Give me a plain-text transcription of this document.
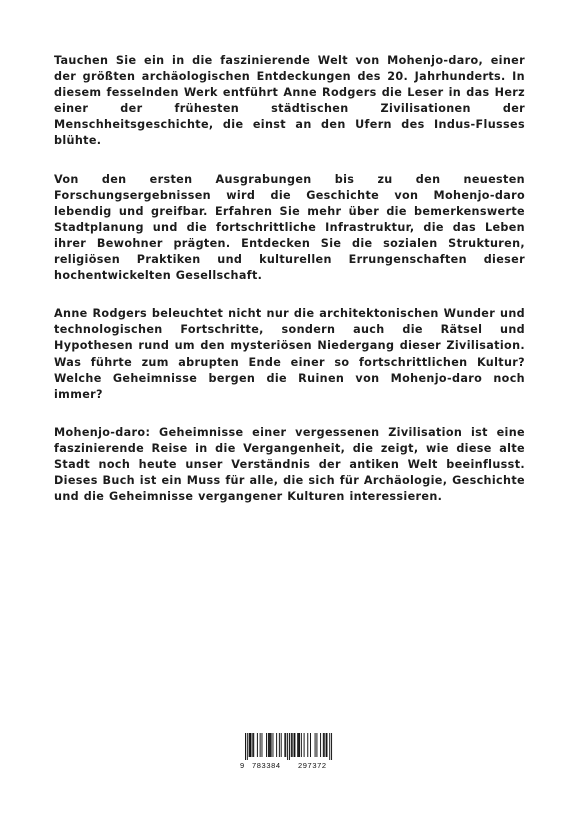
Tauchen Sie ein in die faszinierende Welt von Mohenjo-daro, einer der größten archäologischen Entdeckungen des 20. Jahrhunderts. In diesem fesselnden Werk entführt Anne Rodgers die Leser in das Herz einer der frühesten städtischen Zivilisationen der Menschheitsgeschichte, die einst an den Ufern des Indus-Flusses blühte.

Von den ersten Ausgrabungen bis zu den neuesten Forschungsergebnissen wird die Geschichte von Mohenjo-daro lebendig und greifbar. Erfahren Sie mehr über die bemerkenswerte Stadtplanung und die fortschrittliche Infrastruktur, die das Leben ihrer Bewohner prägten. Entdecken Sie die sozialen Strukturen, religiösen Praktiken und kulturellen Errungenschaften dieser hochentwickelten Gesellschaft.

Anne Rodgers beleuchtet nicht nur die architektonischen Wunder und technologischen Fortschritte, sondern auch die Rätsel und Hypothesen rund um den mysteriösen Niedergang dieser Zivilisation. Was führte zum abrupten Ende einer so fortschrittlichen Kultur? Welche Geheimnisse bergen die Ruinen von Mohenjo-daro noch immer?

Mohenjo-daro: Geheimnisse einer vergessenen Zivilisation ist eine faszinierende Reise in die Vergangenheit, die zeigt, wie diese alte Stadt noch heute unser Verständnis der antiken Welt beeinflusst. Dieses Buch ist ein Muss für alle, die sich für Archäologie, Geschichte und die Geheimnisse vergangener Kulturen interessieren.

9 783384 297372
